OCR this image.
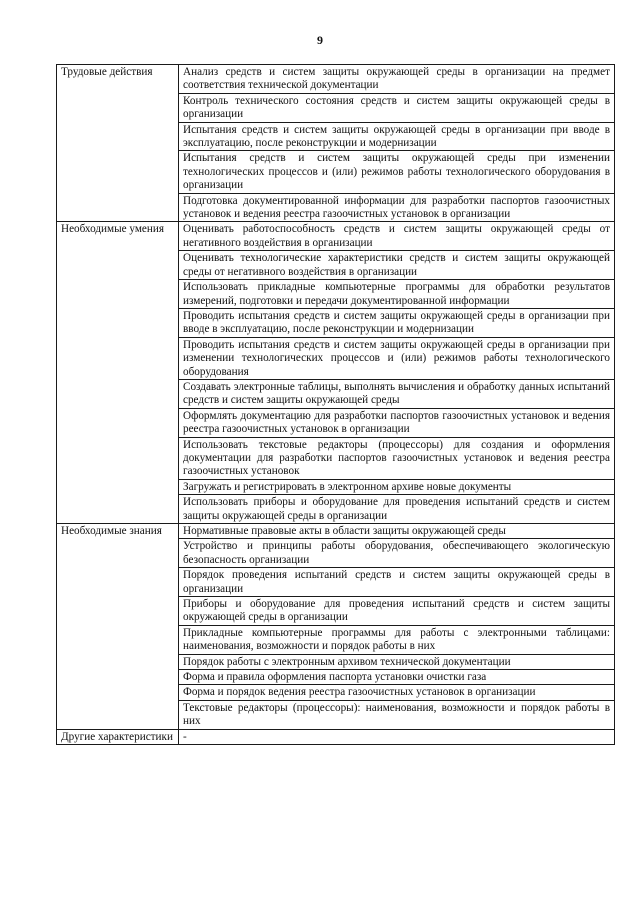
9
Трудовые действия	Анализ средств и систем защиты окружающей среды в организации на предмет соответствия технической документации
	Контроль технического состояния средств и систем защиты окружающей среды в организации
	Испытания средств и систем защиты окружающей среды в организации при вводе в эксплуатацию, после реконструкции и модернизации
	Испытания средств и систем защиты окружающей среды при изменении технологических процессов и (или) режимов работы технологического оборудования в организации
	Подготовка документированной информации для разработки паспортов газоочистных установок и ведения реестра газоочистных установок в организации

Необходимые умения	Оценивать работоспособность средств и систем защиты окружающей среды от негативного воздействия в организации
	Оценивать технологические характеристики средств и систем защиты окружающей среды от негативного воздействия в организации
	Использовать прикладные компьютерные программы для обработки результатов измерений, подготовки и передачи документированной информации
	Проводить испытания средств и систем защиты окружающей среды в организации при вводе в эксплуатацию, после реконструкции и модернизации
	Проводить испытания средств и систем защиты окружающей среды в организации при изменении технологических процессов и (или) режимов работы технологического оборудования
	Создавать электронные таблицы, выполнять вычисления и обработку данных испытаний средств и систем защиты окружающей среды
	Оформлять документацию для разработки паспортов газоочистных установок и ведения реестра газоочистных установок в организации
	Использовать текстовые редакторы (процессоры) для создания и оформления документации для разработки паспортов газоочистных установок и ведения реестра газоочистных установок
	Загружать и регистрировать в электронном архиве новые документы
	Использовать приборы и оборудование для проведения испытаний средств и систем защиты окружающей среды в организации

Необходимые знания	Нормативные правовые акты в области защиты окружающей среды
	Устройство и принципы работы оборудования, обеспечивающего экологическую безопасность организации
	Порядок проведения испытаний средств и систем защиты окружающей среды в организации
	Приборы и оборудование для проведения испытаний средств и систем защиты окружающей среды в организации
	Прикладные компьютерные программы для работы с электронными таблицами: наименования, возможности и порядок работы в них
	Порядок работы с электронным архивом технической документации
	Форма и правила оформления паспорта установки очистки газа
	Форма и порядок ведения реестра газоочистных установок в организации
	Текстовые редакторы (процессоры): наименования, возможности и порядок работы в них

Другие характеристики	-
